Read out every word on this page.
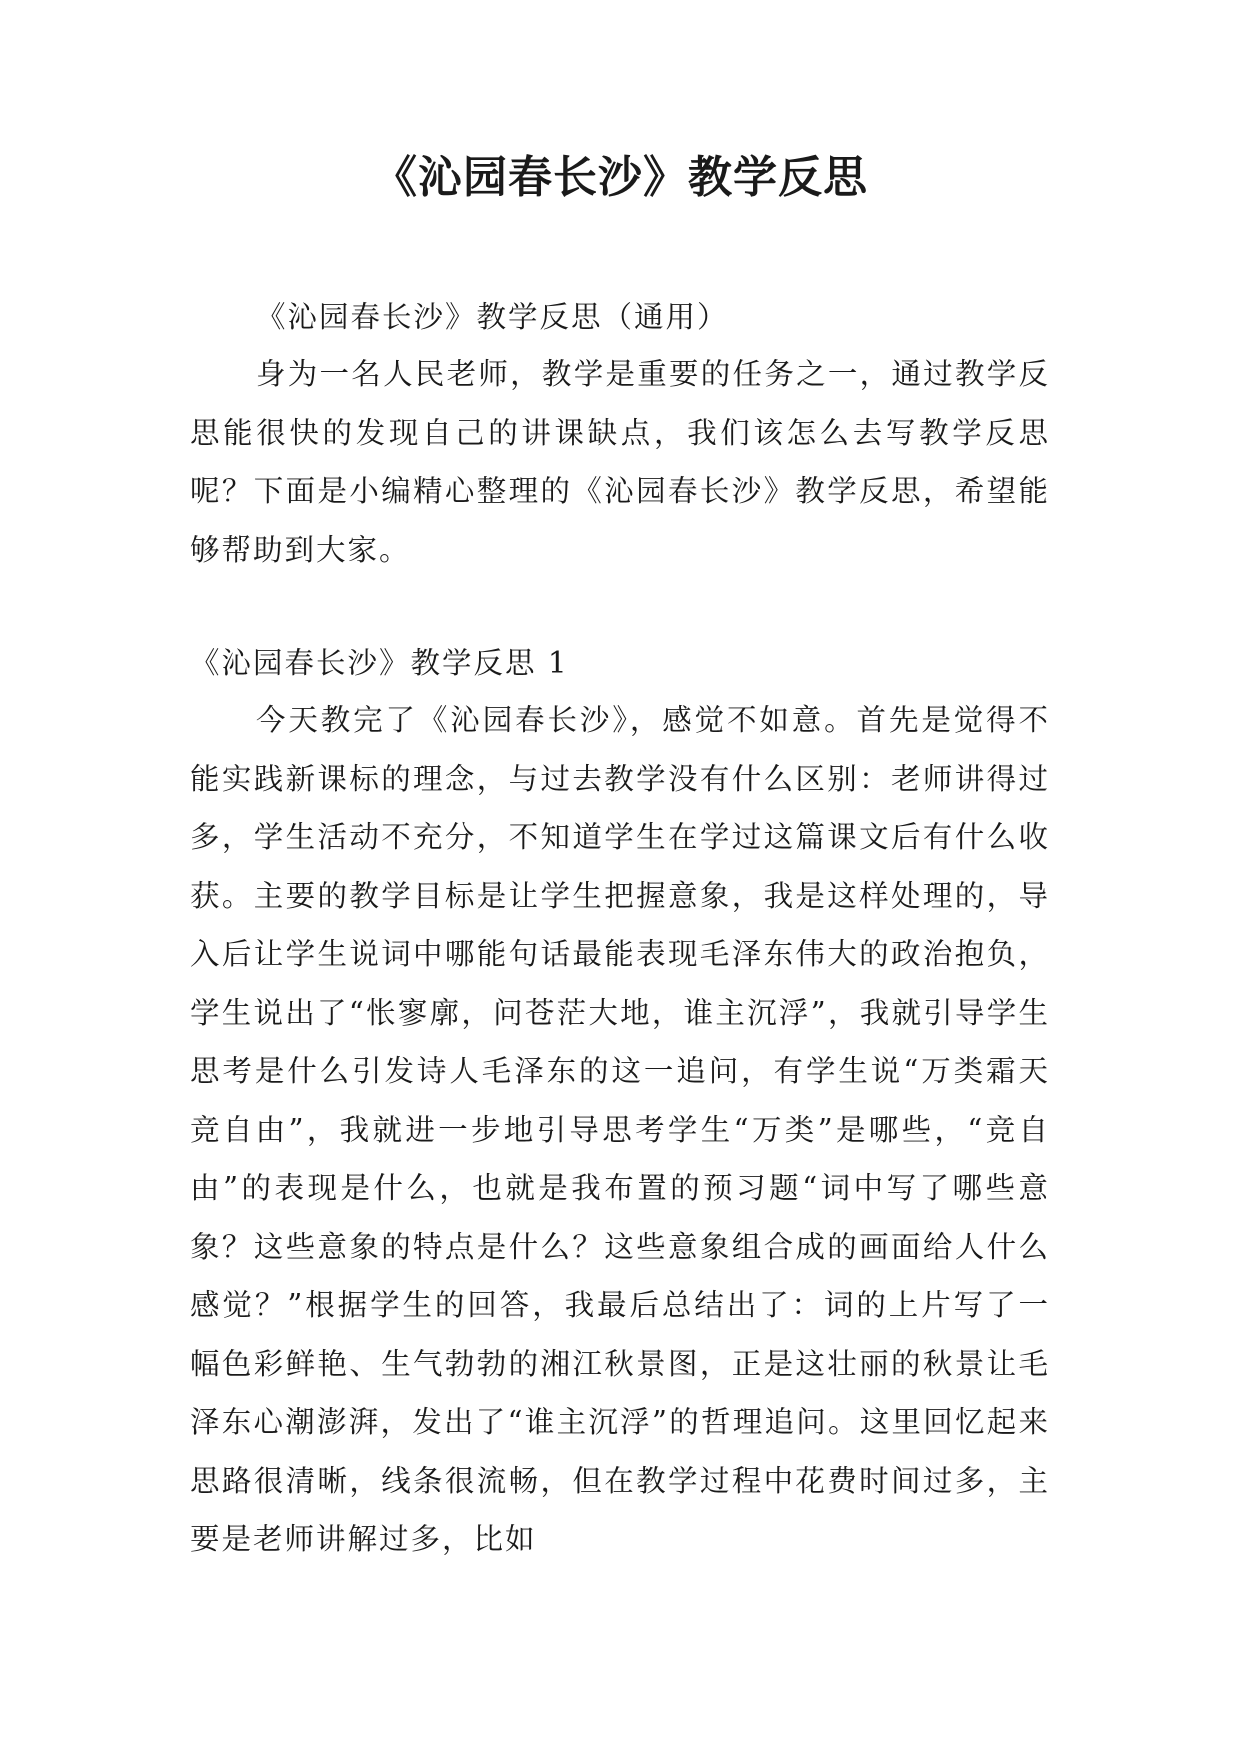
《沁园春长沙》教学反思

《沁园春长沙》教学反思（通用）

身为一名人民老师，教学是重要的任务之一，通过教学反思能很快的发现自己的讲课缺点，我们该怎么去写教学反思呢？下面是小编精心整理的《沁园春长沙》教学反思，希望能够帮助到大家。

《沁园春长沙》教学反思 1

今天教完了《沁园春长沙》，感觉不如意。首先是觉得不能实践新课标的理念，与过去教学没有什么区别：老师讲得过多，学生活动不充分，不知道学生在学过这篇课文后有什么收获。主要的教学目标是让学生把握意象，我是这样处理的，导入后让学生说词中哪能句话最能表现毛泽东伟大的政治抱负，学生说出了“怅寥廓，问苍茫大地，谁主沉浮”，我就引导学生思考是什么引发诗人毛泽东的这一追问，有学生说“万类霜天竞自由”，我就进一步地引导思考学生“万类”是哪些，“竞自由”的表现是什么，也就是我布置的预习题“词中写了哪些意象？这些意象的特点是什么？这些意象组合成的画面给人什么感觉？”根据学生的回答，我最后总结出了：词的上片写了一幅色彩鲜艳、生气勃勃的湘江秋景图，正是这壮丽的秋景让毛泽东心潮澎湃，发出了“谁主沉浮”的哲理追问。这里回忆起来思路很清晰，线条很流畅，但在教学过程中花费时间过多，主要是老师讲解过多，比如
